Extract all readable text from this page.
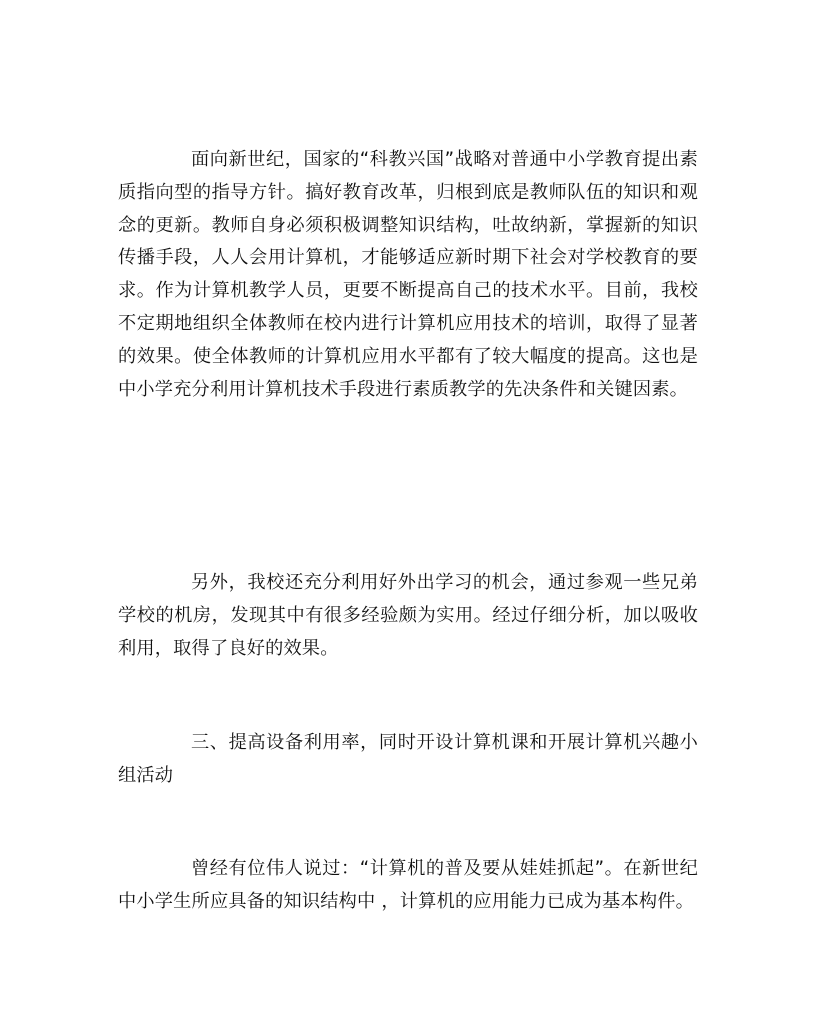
面向新世纪，国家的“科教兴国”战略对普通中小学教育提出素质指向型的指导方针。搞好教育改革，归根到底是教师队伍的知识和观念的更新。教师自身必须积极调整知识结构，吐故纳新，掌握新的知识传播手段，人人会用计算机，才能够适应新时期下社会对学校教育的要求。作为计算机教学人员，更要不断提高自己的技术水平。目前，我校不定期地组织全体教师在校内进行计算机应用技术的培训，取得了显著的效果。使全体教师的计算机应用水平都有了较大幅度的提高。这也是中小学充分利用计算机技术手段进行素质教学的先决条件和关键因素。

另外，我校还充分利用好外出学习的机会，通过参观一些兄弟学校的机房，发现其中有很多经验颇为实用。经过仔细分析，加以吸收利用，取得了良好的效果。

三、提高设备利用率，同时开设计算机课和开展计算机兴趣小组活动

曾经有位伟人说过：“计算机的普及要从娃娃抓起”。在新世纪中小学生所应具备的知识结构中 ，计算机的应用能力已成为基本构件。
